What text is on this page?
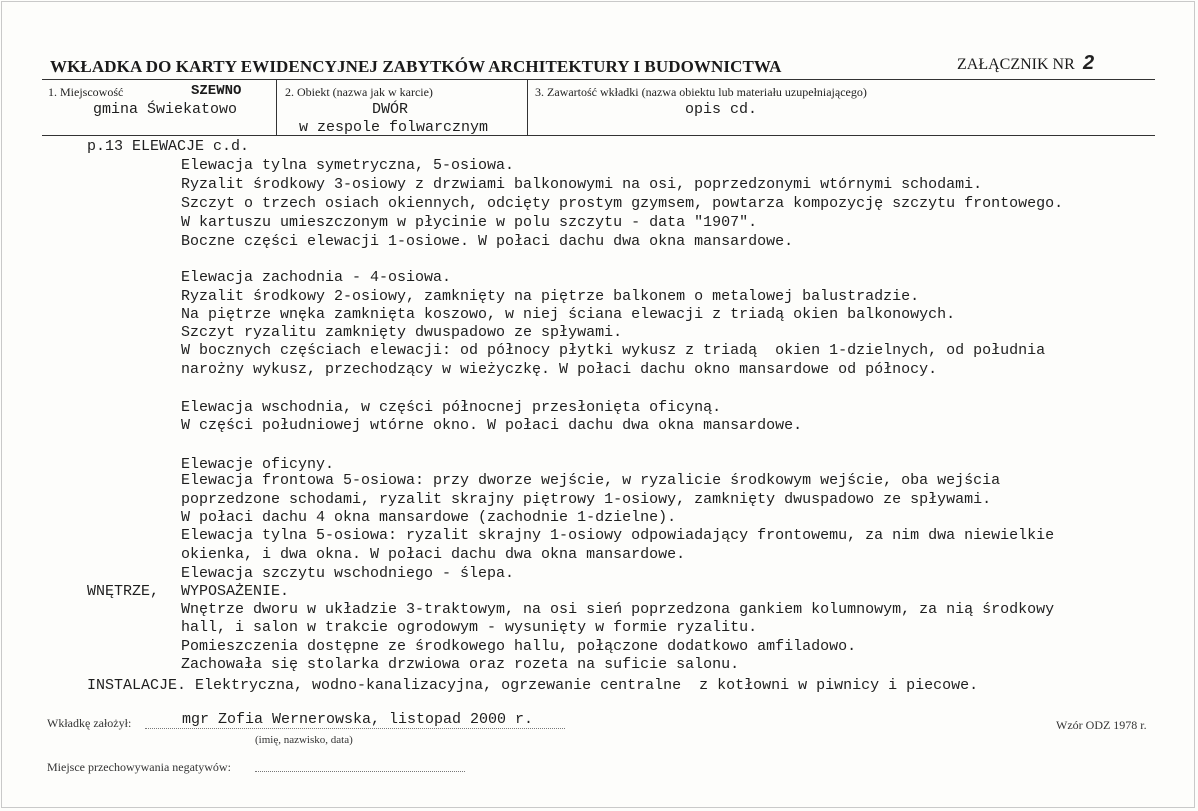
WKŁADKA DO KARTY EWIDENCYJNEJ ZABYTKÓW ARCHITEKTURY I BUDOWNICTWA	ZAŁĄCZNIK NR 2
1. Miejscowość	SZEWNO
gmina Świekatowo
2. Obiekt (nazwa jak w karcie)
DWÓR
w zespole folwarcznym
3. Zawartość wkładki (nazwa obiektu lub materiału uzupełniającego)
opis cd.
p.13 ELEWACJE c.d.
Elewacja tylna symetryczna, 5-osiowa.
Ryzalit środkowy 3-osiowy z drzwiami balkonowymi na osi, poprzedzonymi wtórnymi schodami.
Szczyt o trzech osiach okiennych, odcięty prostym gzymsem, powtarza kompozycję szczytu frontowego.
W kartuszu umieszczonym w płycinie w polu szczytu - data "1907".
Boczne części elewacji 1-osiowe. W połaci dachu dwa okna mansardowe.
Elewacja zachodnia - 4-osiowa.
Ryzalit środkowy 2-osiowy, zamknięty na piętrze balkonem o metalowej balustradzie.
Na piętrze wnęka zamknięta koszowo, w niej ściana elewacji z triadą okien balkonowych.
Szczyt ryzalitu zamknięty dwuspadowo ze spływami.
W bocznych częściach elewacji: od północy płytki wykusz z triadą  okien 1-dzielnych, od południa
narożny wykusz, przechodzący w wieżyczkę. W połaci dachu okno mansardowe od północy.
Elewacja wschodnia, w części północnej przesłonięta oficyną.
W części południowej wtórne okno. W połaci dachu dwa okna mansardowe.
Elewacje oficyny.
Elewacja frontowa 5-osiowa: przy dworze wejście, w ryzalicie środkowym wejście, oba wejścia
poprzedzone schodami, ryzalit skrajny piętrowy 1-osiowy, zamknięty dwuspadowo ze spływami.
W połaci dachu 4 okna mansardowe (zachodnie 1-dzielne).
Elewacja tylna 5-osiowa: ryzalit skrajny 1-osiowy odpowiadający frontowemu, za nim dwa niewielkie
okienka, i dwa okna. W połaci dachu dwa okna mansardowe.
Elewacja szczytu wschodniego - ślepa.
WNĘTRZE, WYPOSAŻENIE.
Wnętrze dworu w układzie 3-traktowym, na osi sień poprzedzona gankiem kolumnowym, za nią środkowy
hall, i salon w trakcie ogrodowym - wysunięty w formie ryzalitu.
Pomieszczenia dostępne ze środkowego hallu, połączone dodatkowo amfiladowo.
Zachowała się stolarka drzwiowa oraz rozeta na suficie salonu.
INSTALACJE. Elektryczna, wodno-kanalizacyjna, ogrzewanie centralne  z kotłowni w piwnicy i piecowe.
Wkładkę założył:	mgr Zofia Wernerowska, listopad 2000 r.
(imię, nazwisko, data)
Wzór ODZ 1978 r.
Miejsce przechowywania negatywów:
